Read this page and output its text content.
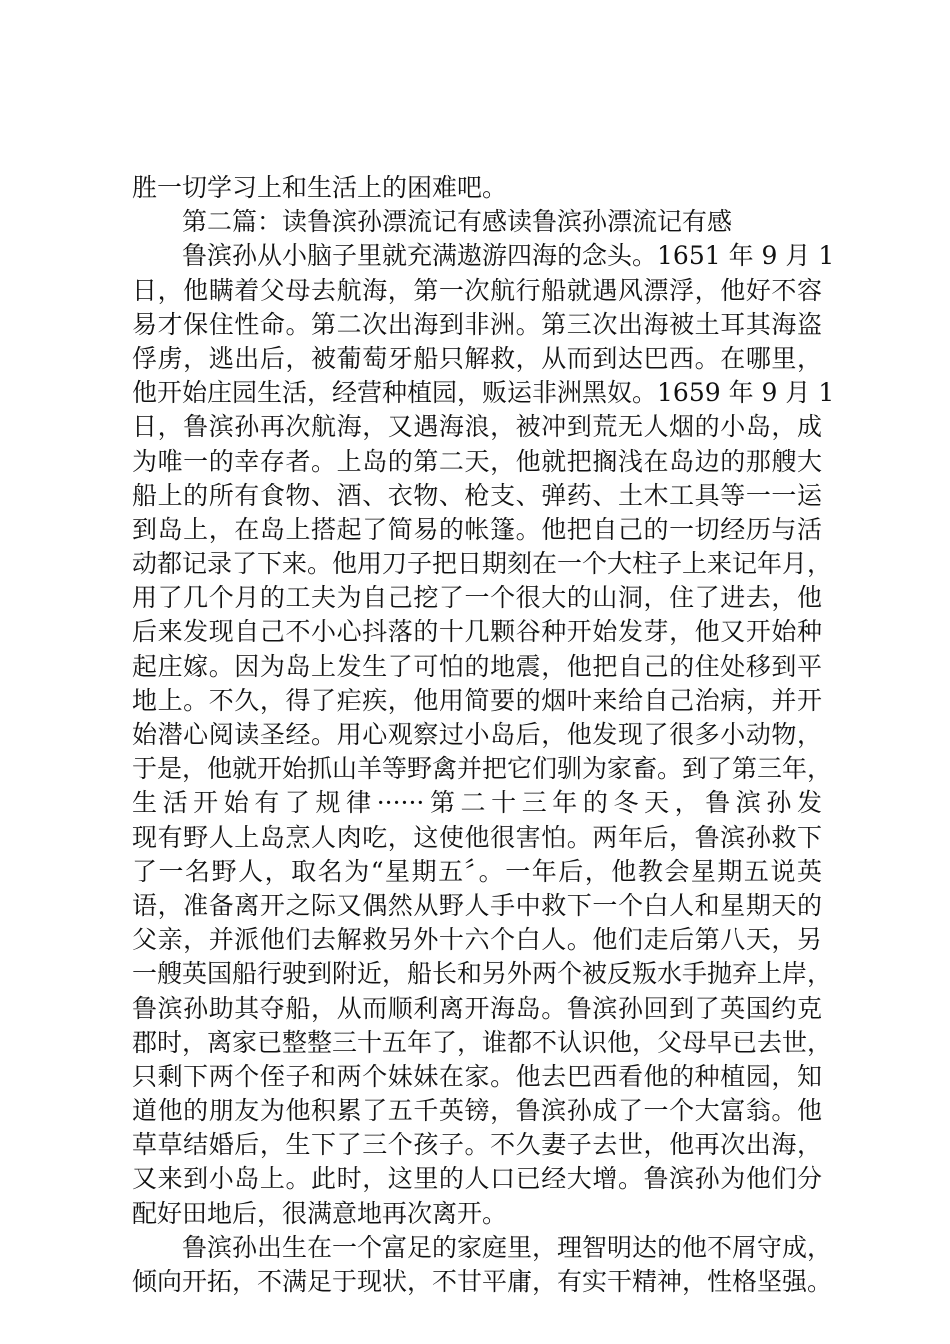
胜一切学习上和生活上的困难吧。
第二篇：读鲁滨孙漂流记有感读鲁滨孙漂流记有感
鲁滨孙从小脑子里就充满遨游四海的念头。1651 年 9 月 1
日，他瞒着父母去航海，第一次航行船就遇风漂浮，他好不容
易才保住性命。第二次出海到非洲。第三次出海被土耳其海盗
俘虏，逃出后，被葡萄牙船只解救，从而到达巴西。在哪里，
他开始庄园生活，经营种植园，贩运非洲黑奴。1659 年 9 月 1
日，鲁滨孙再次航海，又遇海浪，被冲到荒无人烟的小岛，成
为唯一的幸存者。上岛的第二天，他就把搁浅在岛边的那艘大
船上的所有食物、酒、衣物、枪支、弹药、土木工具等一一运
到岛上，在岛上搭起了简易的帐篷。他把自己的一切经历与活
动都记录了下来。他用刀子把日期刻在一个大柱子上来记年月，
用了几个月的工夫为自己挖了一个很大的山洞，住了进去，他
后来发现自己不小心抖落的十几颗谷种开始发芽，他又开始种
起庄嫁。因为岛上发生了可怕的地震，他把自己的住处移到平
地上。不久，得了疟疾，他用简要的烟叶来给自己治病，并开
始潜心阅读圣经。用心观察过小岛后，他发现了很多小动物，
于是，他就开始抓山羊等野禽并把它们驯为家畜。到了第三年，
生活开始有了规律······第二十三年的冬天，鲁滨孙发
现有野人上岛烹人肉吃，这使他很害怕。两年后，鲁滨孙救下
了一名野人，取名为“星期五〞。一年后，他教会星期五说英
语，准备离开之际又偶然从野人手中救下一个白人和星期天的
父亲，并派他们去解救另外十六个白人。他们走后第八天，另
一艘英国船行驶到附近，船长和另外两个被反叛水手抛弃上岸，
鲁滨孙助其夺船，从而顺利离开海岛。鲁滨孙回到了英国约克
郡时，离家已整整三十五年了，谁都不认识他，父母早已去世，
只剩下两个侄子和两个妹妹在家。他去巴西看他的种植园，知
道他的朋友为他积累了五千英镑，鲁滨孙成了一个大富翁。他
草草结婚后，生下了三个孩子。不久妻子去世，他再次出海，
又来到小岛上。此时，这里的人口已经大增。鲁滨孙为他们分
配好田地后，很满意地再次离开。
鲁滨孙出生在一个富足的家庭里，理智明达的他不屑守成，
倾向开拓，不满足于现状，不甘平庸，有实干精神，性格坚强。
